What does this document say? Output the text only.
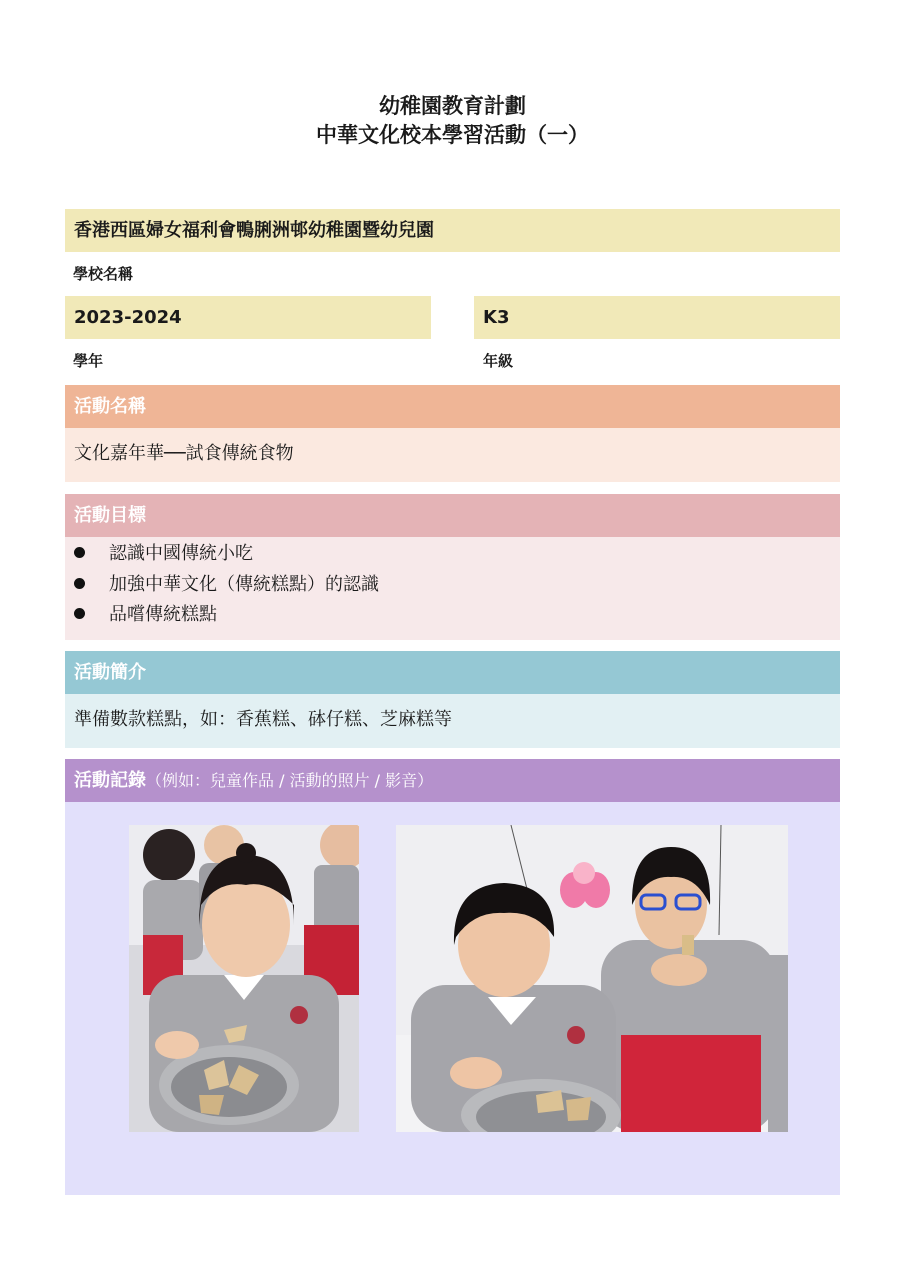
幼稚園教育計劃
中華文化校本學習活動（一）
香港西區婦女福利會鴨脷洲邨幼稚園暨幼兒園
學校名稱
2023-2024
學年
K3
年級
活動名稱
文化嘉年華──試食傳統食物
活動目標
認識中國傳統小吃
加強中華文化（傳統糕點）的認識
品嚐傳統糕點
活動簡介
準備數款糕點，如：香蕉糕、砵仔糕、芝麻糕等
活動記錄（例如：兒童作品 / 活動的照片 / 影音）
